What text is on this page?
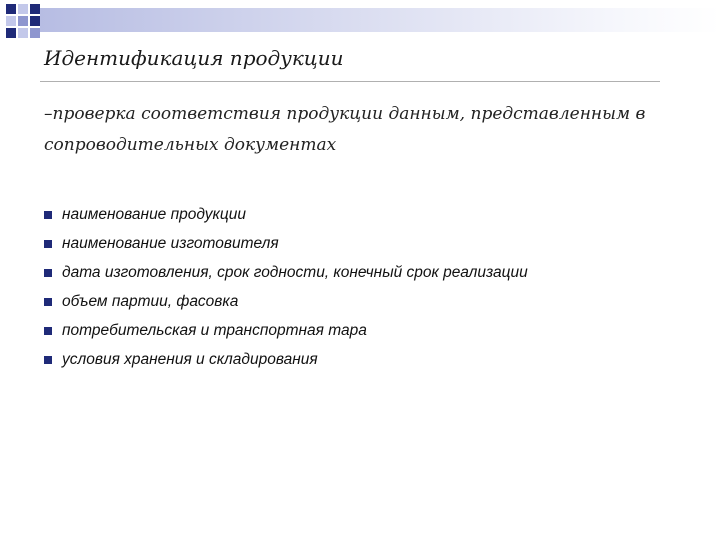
Идентификация продукции
–проверка соответствия продукции данным, представленным в сопроводительных документах
наименование продукции
наименование изготовителя
дата изготовления, срок годности, конечный срок реализации
объем партии, фасовка
потребительская и транспортная тара
условия хранения и складирования
